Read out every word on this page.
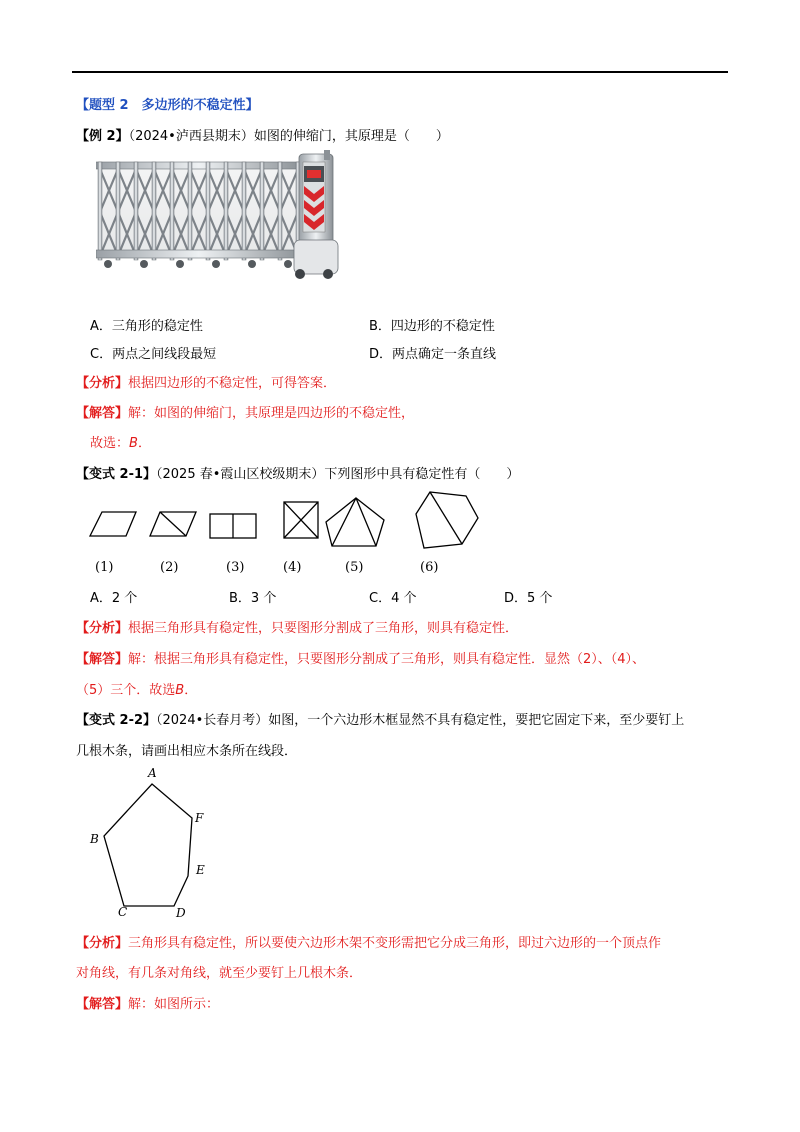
【题型 2　多边形的不稳定性】
【例 2】（2024•泸西县期末）如图的伸缩门，其原理是（　　）
A．三角形的稳定性	B．四边形的不稳定性
C．两点之间线段最短	D．两点确定一条直线
【分析】根据四边形的不稳定性，可得答案．
【解答】解：如图的伸缩门，其原理是四边形的不稳定性，
故选：B．
【变式 2-1】（2025 春•霞山区校级期末）下列图形中具有稳定性有（　　）
(1)	(2)	(3)	(4)	(5)	(6)
A．2 个	B．3 个	C．4 个	D．5 个
【分析】根据三角形具有稳定性，只要图形分割成了三角形，则具有稳定性．
【解答】解：根据三角形具有稳定性，只要图形分割成了三角形，则具有稳定性．显然（2）、（4）、
（5）三个．故选B．
【变式 2-2】（2024•长春月考）如图，一个六边形木框显然不具有稳定性，要把它固定下来，至少要钉上
几根木条，请画出相应木条所在线段．
A
F
B
E
C	D
【分析】三角形具有稳定性，所以要使六边形木架不变形需把它分成三角形，即过六边形的一个顶点作
对角线，有几条对角线，就至少要钉上几根木条．
【解答】解：如图所示：
